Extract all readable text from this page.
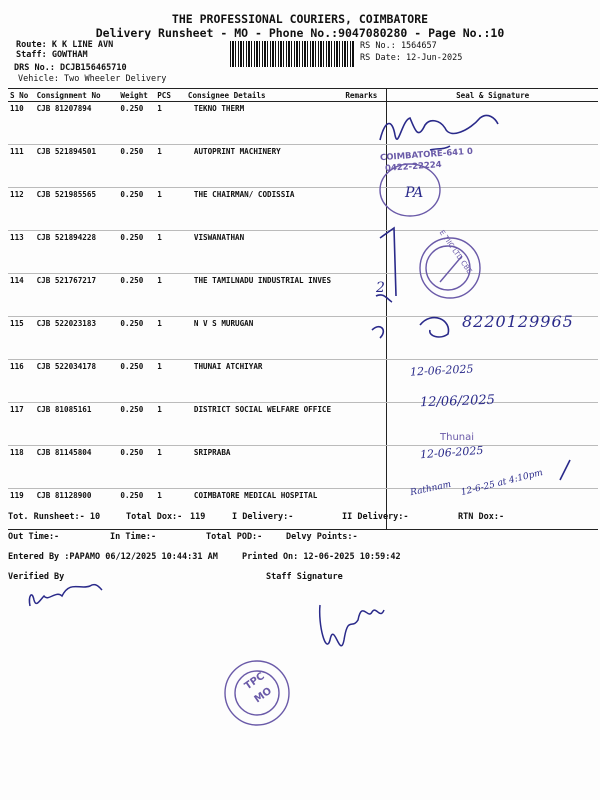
THE PROFESSIONAL COURIERS, COIMBATORE
Delivery Runsheet - MO - Phone No.:9047080280 - Page No.:10
Route: K K LINE AVN
Staff: GOWTHAM
DRS No.: DCJB156465710
Vehicle: Two Wheeler Delivery
RS No.: 1564657
RS Date: 12-Jun-2025
S No	Consignment No	Weight	PCS	Consignee Details	Remarks	Seal & Signature
110	CJB 81207894	0.250	1	TEKNO THERM		
111	CJB 521894501	0.250	1	AUTOPRINT MACHINERY		
112	CJB 521985565	0.250	1	THE CHAIRMAN/ CODISSIA		
113	CJB 521894228	0.250	1	VISWANATHAN		
114	CJB 521767217	0.250	1	THE TAMILNADU INDUSTRIAL INVES		
115	CJB 522023183	0.250	1	N V S MURUGAN		
116	CJB 522034178	0.250	1	THUNAI ATCHIYAR		
117	CJB 81085161	0.250	1	DISTRICT SOCIAL WELFARE OFFICE		
118	CJB 81145804	0.250	1	SRIPRABA		
119	CJB 81128900	0.250	1	COIMBATORE MEDICAL HOSPITAL		
COIMBATORE-641 0
0422-22224
PA
E TIIC LTD CBE
2
8220129965
12-06-2025
12/06/2025
Thunai
12-06-2025
Rathnam 12-6-25 at 4:10pm
Tot. Runsheet:- 10	Total Dox:- 119	I Delivery:-	II Delivery:-	RTN Dox:-
Out Time:-	In Time:-	Total POD:-	Delvy Points:-
Entered By :PAPAMO 06/12/2025 10:44:31 AM	Printed On: 12-06-2025 10:59:42
Verified By	Staff Signature
TPC
MO
